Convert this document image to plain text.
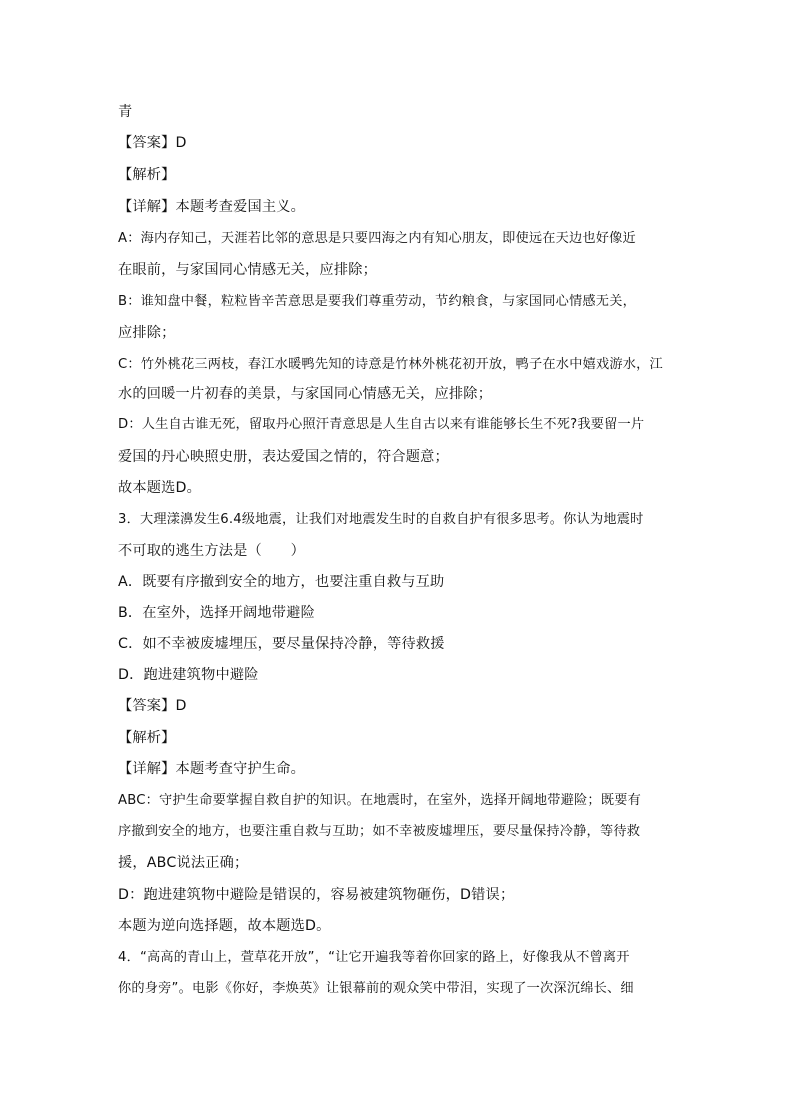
青
【答案】D
【解析】
【详解】本题考查爱国主义。
A：海内存知己，天涯若比邻的意思是只要四海之内有知心朋友，即使远在天边也好像近
在眼前，与家国同心情感无关，应排除；
B：谁知盘中餐，粒粒皆辛苦意思是要我们尊重劳动，节约粮食，与家国同心情感无关，
应排除；
C：竹外桃花三两枝，春江水暖鸭先知的诗意是竹林外桃花初开放，鸭子在水中嬉戏游水，江
水的回暖一片初春的美景，与家国同心情感无关，应排除；
D：人生自古谁无死，留取丹心照汗青意思是人生自古以来有谁能够长生不死?我要留一片
爱国的丹心映照史册，表达爱国之情的，符合题意；
故本题选D。
3．大理漾濞发生6.4级地震，让我们对地震发生时的自救自护有很多思考。你认为地震时
不可取的逃生方法是（　　）
A．既要有序撤到安全的地方，也要注重自救与互助
B．在室外，选择开阔地带避险
C．如不幸被废墟埋压，要尽量保持冷静，等待救援
D．跑进建筑物中避险
【答案】D
【解析】
【详解】本题考查守护生命。
ABC：守护生命要掌握自救自护的知识。在地震时，在室外，选择开阔地带避险；既要有
序撤到安全的地方，也要注重自救与互助；如不幸被废墟埋压，要尽量保持冷静，等待救
援，ABC说法正确；
D：跑进建筑物中避险是错误的，容易被建筑物砸伤，D错误；
本题为逆向选择题，故本题选D。
4．“高高的青山上，萱草花开放”，“让它开遍我等着你回家的路上，好像我从不曾离开
你的身旁”。电影《你好，李焕英》让银幕前的观众笑中带泪，实现了一次深沉绵长、细
